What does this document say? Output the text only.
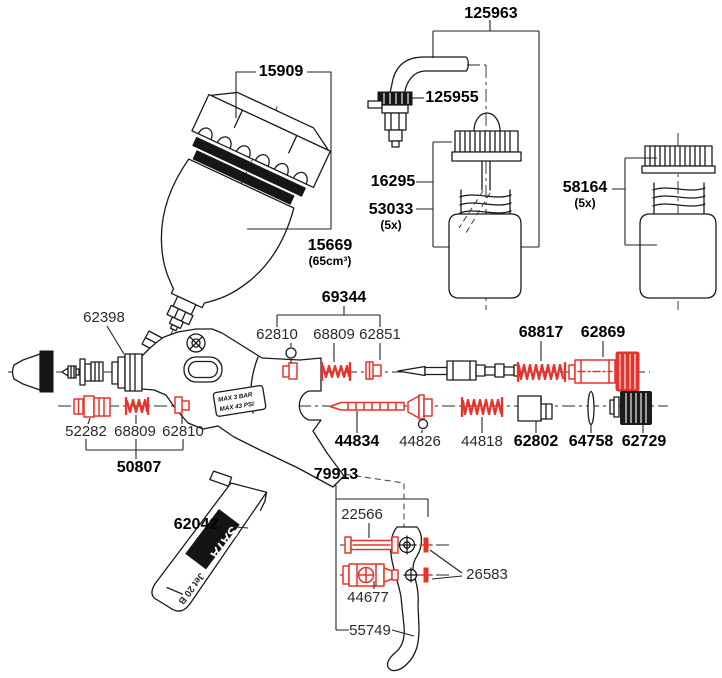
MAX 3 BAR
MAX 43 PSI
SATA
Jet 20 B
125963
15909
125955
16295
53033
(5x)
58164
(5x)
15669
(65cm³)
69344
62810 68809 62851	68817 62869
62398
52282 68809 62810
50807
44834 44826 44818 62802 64758 62729
79913
62042
22566
44677
26583
55749
